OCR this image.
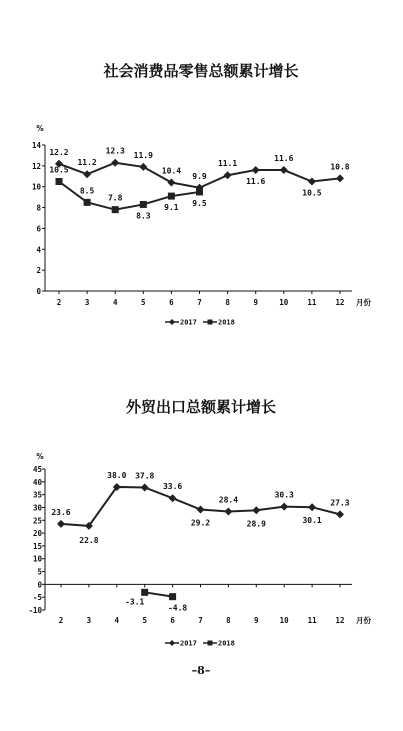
社会消费品零售总额累计增长
%
0
2
4
6
8
10
12
14
2	3	4	5	6	7	8	9	10	11	12 月份
12.2
11.2
12.3 11.9
10.4
9.9
11.1
11.6
11.6
10.5
10.8
10.5
8.5
7.8
8.3
9.1 9.5
2017	2018
外贸出口总额累计增长
%
-10
-5
0
5
10
15
20
25
30
35
40
45
2	3	4	5	6	7	8	9	10	11	12 月份
23.6
22.8
38.0 37.8
33.6
29.2
28.4
28.9
30.3
30.1
27.3
-3.1
-4.8
2017	2018
–8–
